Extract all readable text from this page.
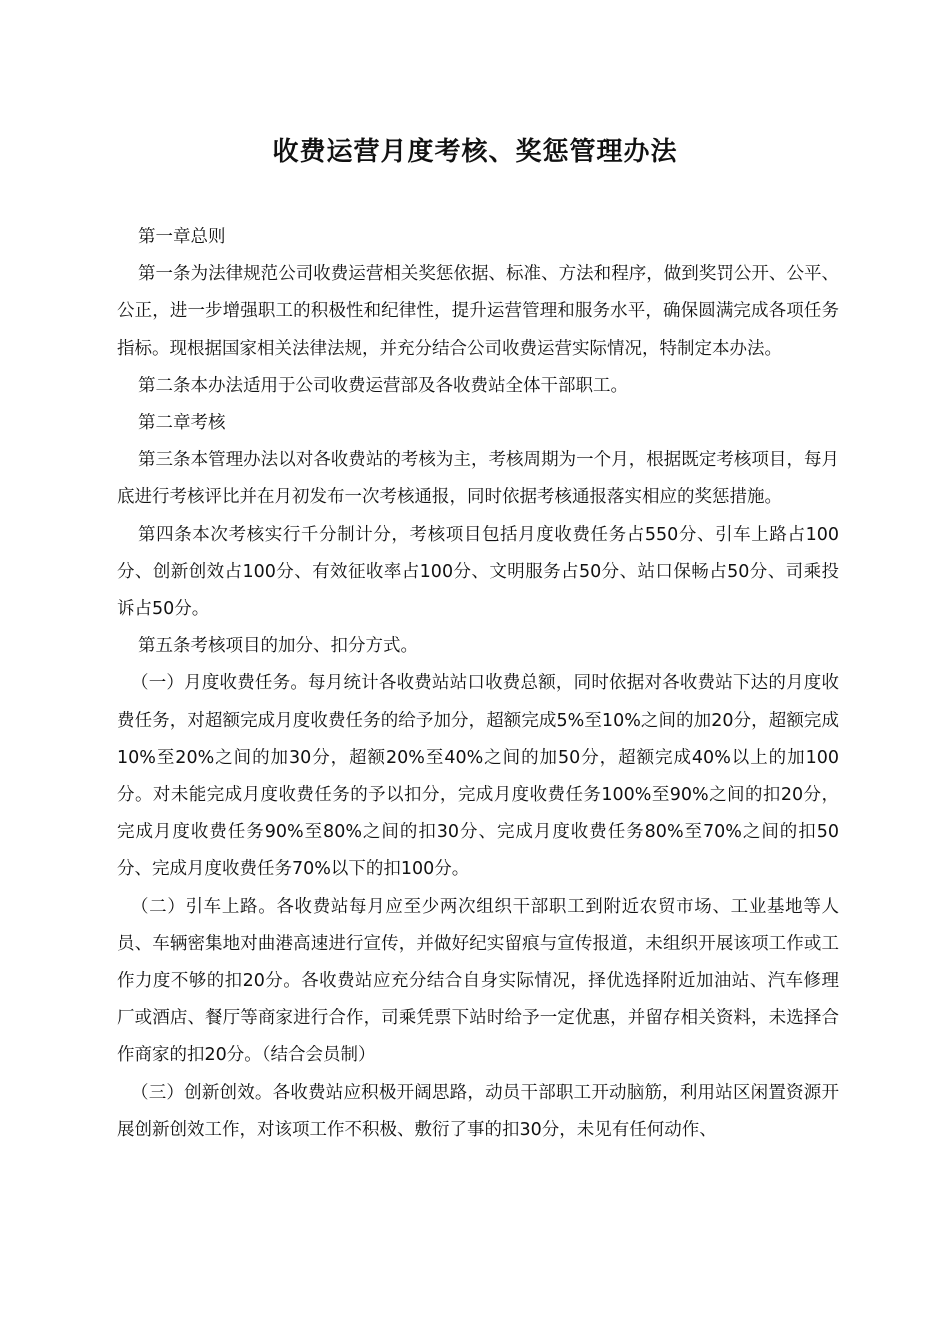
收费运营月度考核、奖惩管理办法

第一章总则

第一条为法律规范公司收费运营相关奖惩依据、标准、方法和程序，做到奖罚公开、公平、公正，进一步增强职工的积极性和纪律性，提升运营管理和服务水平，确保圆满完成各项任务指标。现根据国家相关法律法规，并充分结合公司收费运营实际情况，特制定本办法。

第二条本办法适用于公司收费运营部及各收费站全体干部职工。

第二章考核

第三条本管理办法以对各收费站的考核为主，考核周期为一个月，根据既定考核项目，每月底进行考核评比并在月初发布一次考核通报，同时依据考核通报落实相应的奖惩措施。

第四条本次考核实行千分制计分，考核项目包括月度收费任务占550分、引车上路占100分、创新创效占100分、有效征收率占100分、文明服务占50分、站口保畅占50分、司乘投诉占50分。

第五条考核项目的加分、扣分方式。

（一）月度收费任务。每月统计各收费站站口收费总额，同时依据对各收费站下达的月度收费任务，对超额完成月度收费任务的给予加分，超额完成5%至10%之间的加20分，超额完成10%至20%之间的加30分，超额20%至40%之间的加50分，超额完成40%以上的加100分。对未能完成月度收费任务的予以扣分，完成月度收费任务100%至90%之间的扣20分，完成月度收费任务90%至80%之间的扣30分、完成月度收费任务80%至70%之间的扣50分、完成月度收费任务70%以下的扣100分。

（二）引车上路。各收费站每月应至少两次组织干部职工到附近农贸市场、工业基地等人员、车辆密集地对曲港高速进行宣传，并做好纪实留痕与宣传报道，未组织开展该项工作或工作力度不够的扣20分。各收费站应充分结合自身实际情况，择优选择附近加油站、汽车修理厂或酒店、餐厅等商家进行合作，司乘凭票下站时给予一定优惠，并留存相关资料，未选择合作商家的扣20分。（结合会员制）

（三）创新创效。各收费站应积极开阔思路，动员干部职工开动脑筋，利用站区闲置资源开展创新创效工作，对该项工作不积极、敷衍了事的扣30分，未见有任何动作、
